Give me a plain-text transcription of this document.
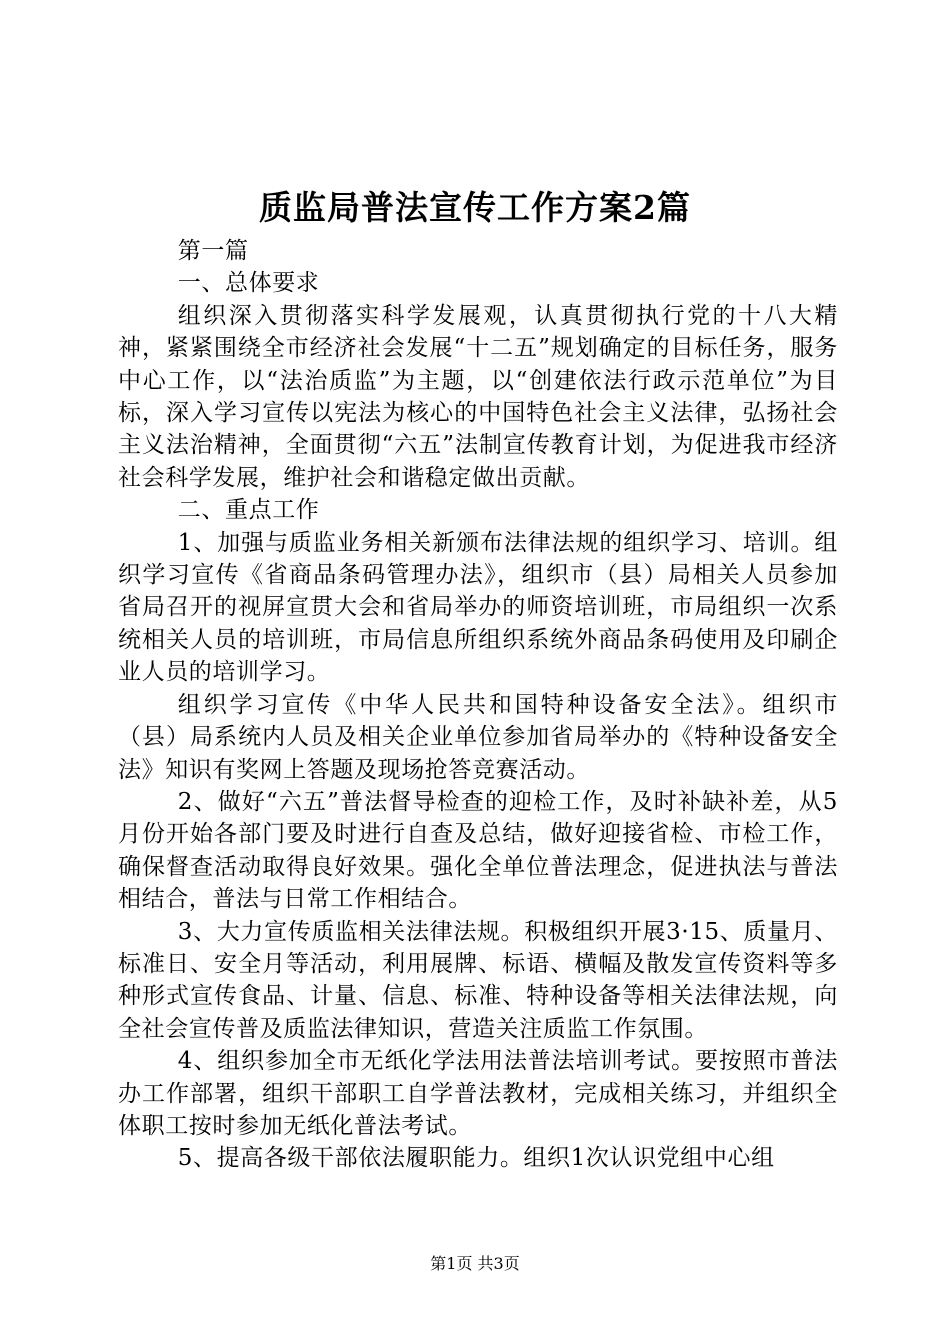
质监局普法宣传工作方案2篇

第一篇

一、总体要求

组织深入贯彻落实科学发展观，认真贯彻执行党的十八大精神，紧紧围绕全市经济社会发展“十二五”规划确定的目标任务，服务中心工作，以“法治质监”为主题，以“创建依法行政示范单位”为目标，深入学习宣传以宪法为核心的中国特色社会主义法律，弘扬社会主义法治精神，全面贯彻“六五”法制宣传教育计划，为促进我市经济社会科学发展，维护社会和谐稳定做出贡献。

二、重点工作

1、加强与质监业务相关新颁布法律法规的组织学习、培训。组织学习宣传《省商品条码管理办法》，组织市（县）局相关人员参加省局召开的视屏宣贯大会和省局举办的师资培训班，市局组织一次系统相关人员的培训班，市局信息所组织系统外商品条码使用及印刷企业人员的培训学习。

组织学习宣传《中华人民共和国特种设备安全法》。组织市（县）局系统内人员及相关企业单位参加省局举办的《特种设备安全法》知识有奖网上答题及现场抢答竞赛活动。

2、做好“六五”普法督导检查的迎检工作，及时补缺补差，从5月份开始各部门要及时进行自查及总结，做好迎接省检、市检工作，确保督查活动取得良好效果。强化全单位普法理念，促进执法与普法相结合，普法与日常工作相结合。

3、大力宣传质监相关法律法规。积极组织开展3·15、质量月、标准日、安全月等活动，利用展牌、标语、横幅及散发宣传资料等多种形式宣传食品、计量、信息、标准、特种设备等相关法律法规，向全社会宣传普及质监法律知识，营造关注质监工作氛围。

4、组织参加全市无纸化学法用法普法培训考试。要按照市普法办工作部署，组织干部职工自学普法教材，完成相关练习，并组织全体职工按时参加无纸化普法考试。

5、提高各级干部依法履职能力。组织1次认识党组中心组

第1页 共3页
